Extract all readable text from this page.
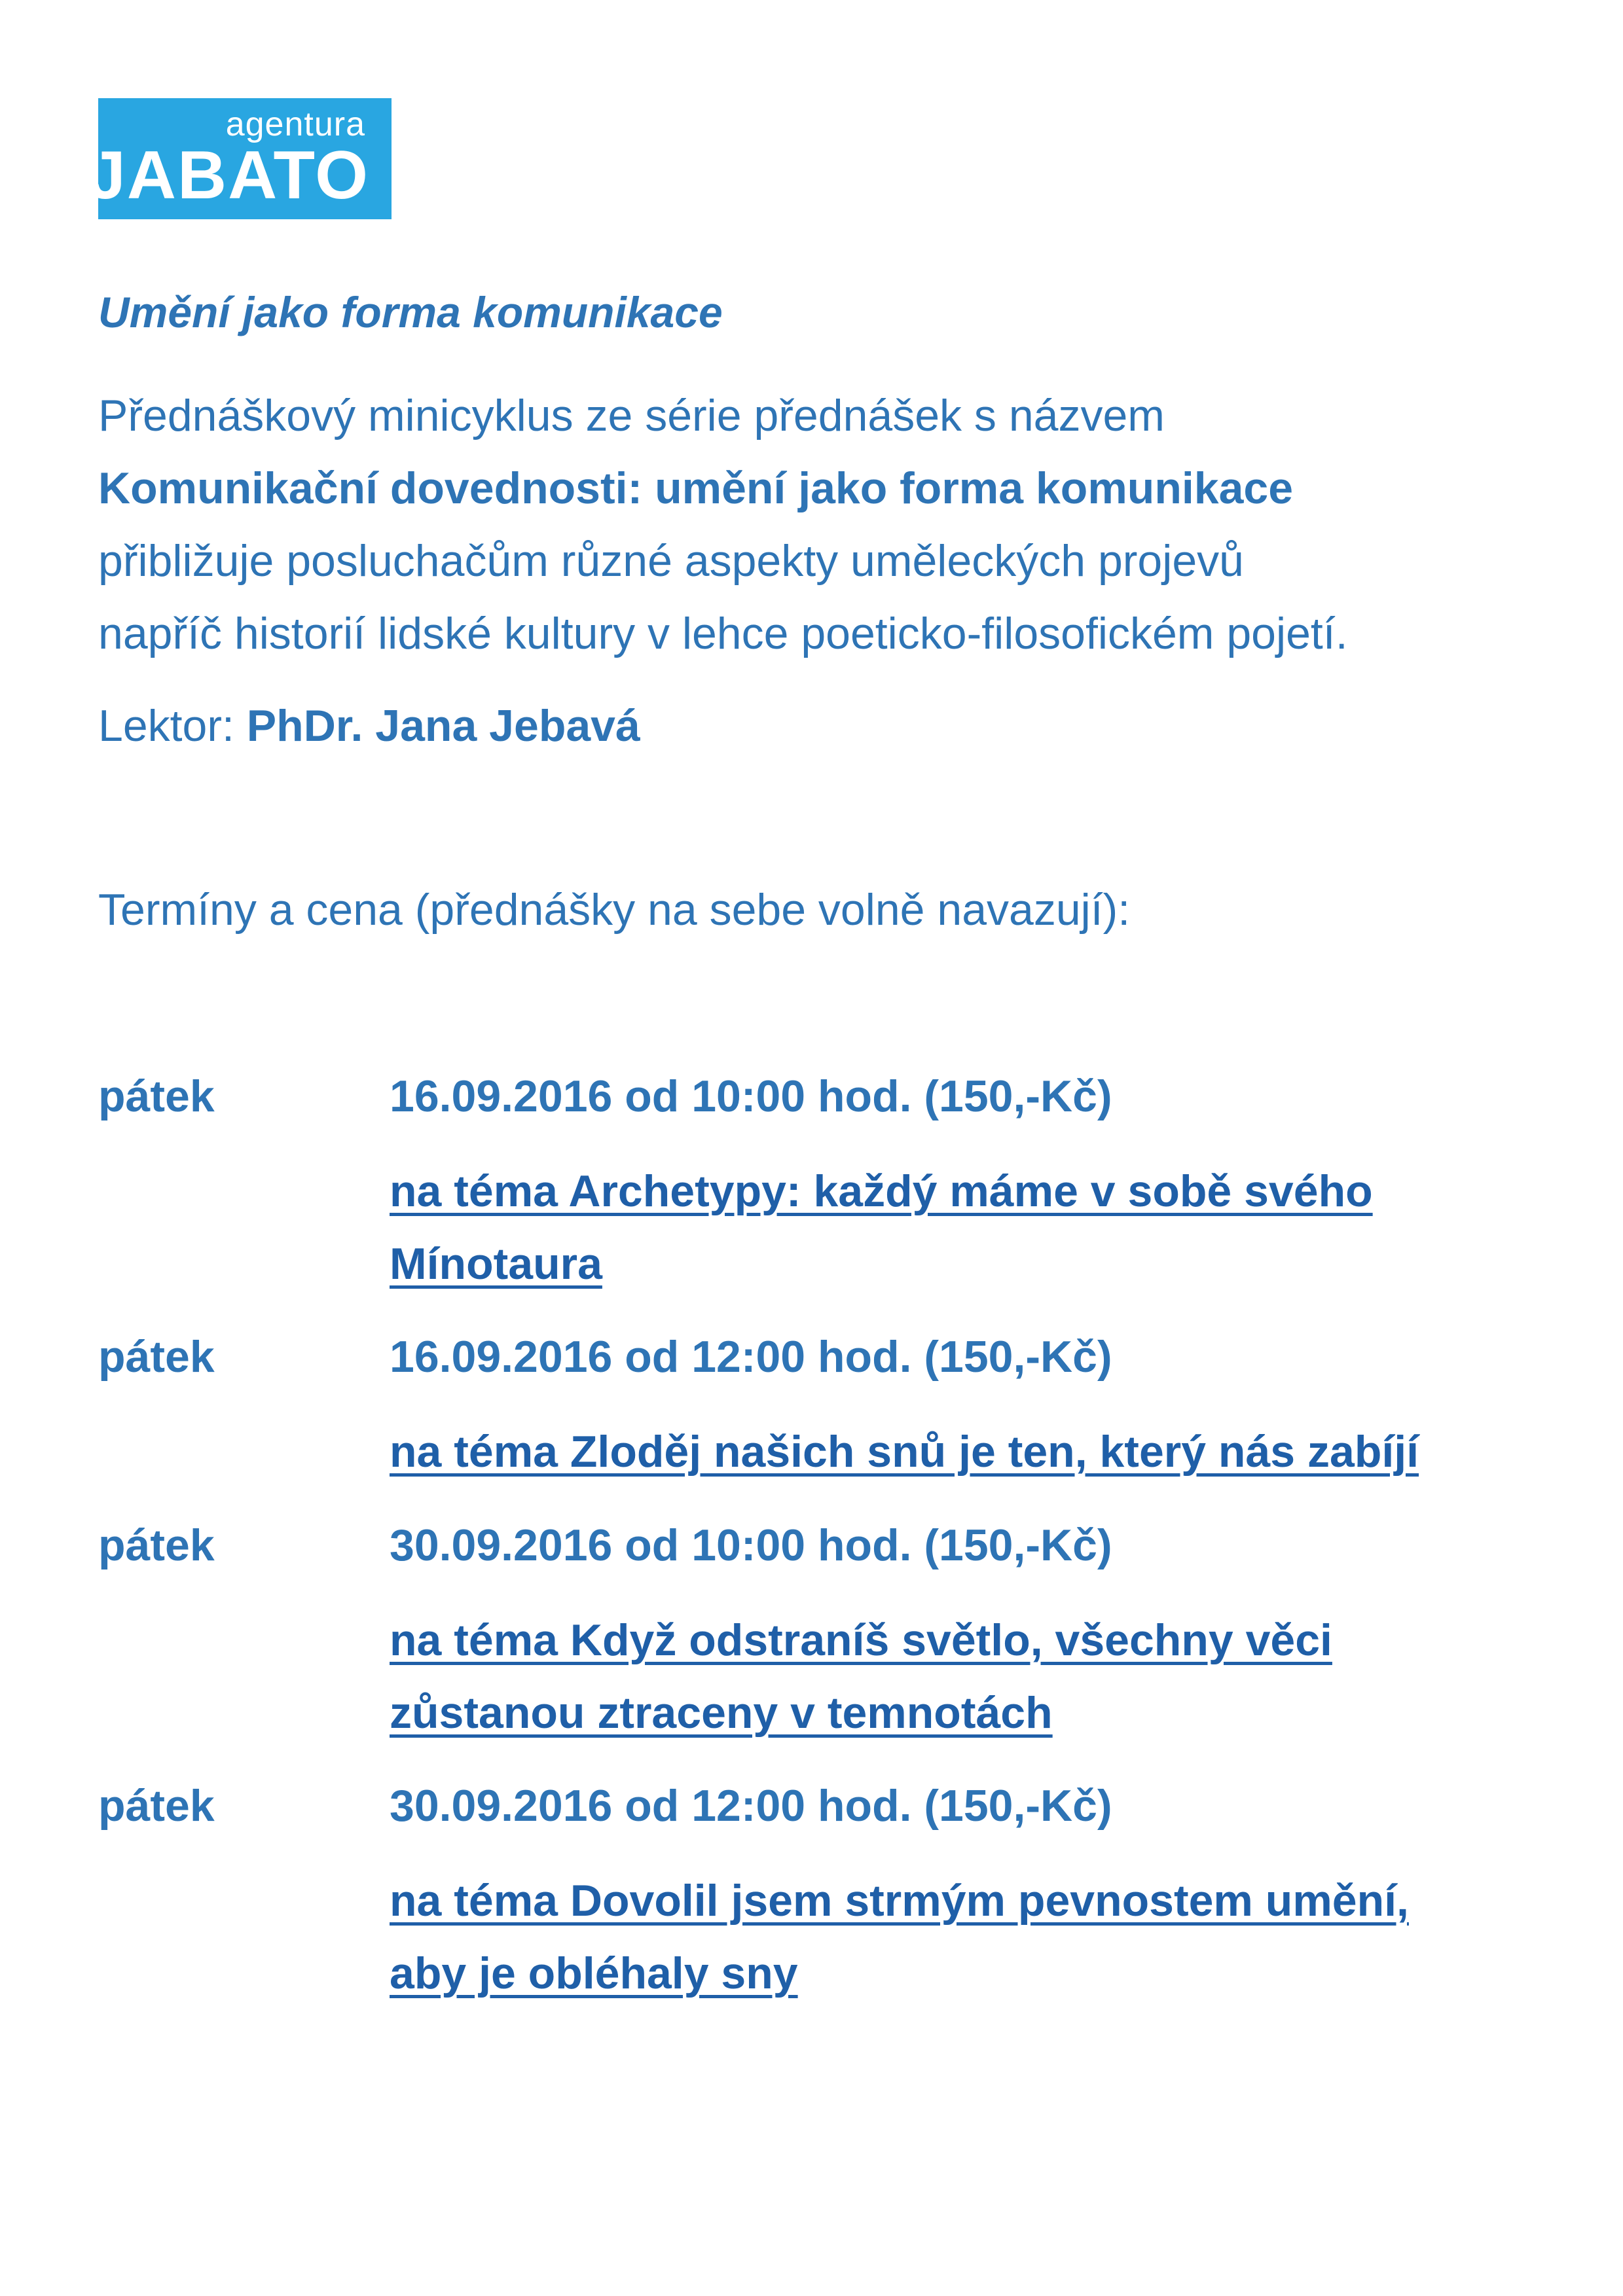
agentura
JABATO
Umění jako forma komunikace
Přednáškový minicyklus ze série přednášek s názvem
Komunikační dovednosti: umění jako forma komunikace
přibližuje posluchačům různé aspekty uměleckých projevů
napříč historií lidské kultury v lehce poeticko-filosofickém pojetí.
Lektor: PhDr. Jana Jebavá
Termíny a cena (přednášky na sebe volně navazují):
pátek	16.09.2016 od 10:00 hod. (150,-Kč)
na téma Archetypy: každý máme v sobě svého
Mínotaura
pátek	16.09.2016 od 12:00 hod. (150,-Kč)
na téma Zloděj našich snů je ten, který nás zabíjí
pátek	30.09.2016 od 10:00 hod. (150,-Kč)
na téma Když odstraníš světlo, všechny věci
zůstanou ztraceny v temnotách
pátek	30.09.2016 od 12:00 hod. (150,-Kč)
na téma Dovolil jsem strmým pevnostem umění,
aby je obléhaly sny
